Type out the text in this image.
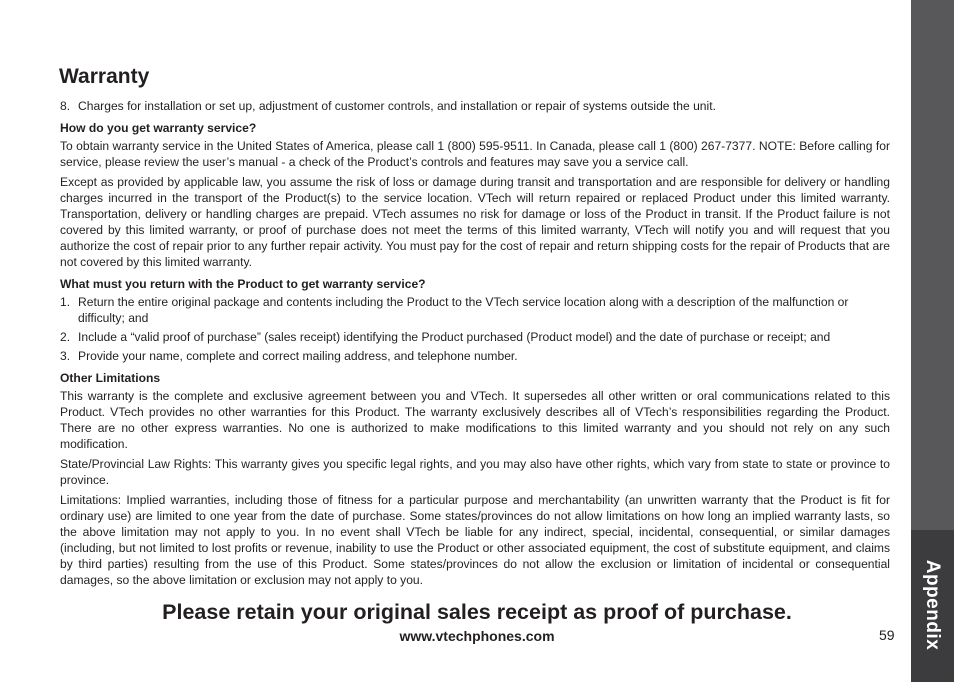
Appendix
Warranty
8. Charges for installation or set up, adjustment of customer controls, and installation or repair of systems outside the unit.

How do you get warranty service?

To obtain warranty service in the United States of America, please call 1 (800) 595-9511. In Canada, please call 1 (800) 267-7377. NOTE: Before calling for service, please review the user’s manual - a check of the Product’s controls and features may save you a service call.

Except as provided by applicable law, you assume the risk of loss or damage during transit and transportation and are responsible for delivery or handling charges incurred in the transport of the Product(s) to the service location. VTech will return repaired or replaced Product under this limited warranty. Transportation, delivery or handling charges are prepaid. VTech assumes no risk for damage or loss of the Product in transit. If the Product failure is not covered by this limited warranty, or proof of purchase does not meet the terms of this limited warranty, VTech will notify you and will request that you authorize the cost of repair prior to any further repair activity. You must pay for the cost of repair and return shipping costs for the repair of Products that are not covered by this limited warranty.

What must you return with the Product to get warranty service?

1. Return the entire original package and contents including the Product to the VTech service location along with a description of the malfunction or difficulty; and
2. Include a “valid proof of purchase” (sales receipt) identifying the Product purchased (Product model) and the date of purchase or receipt; and
3. Provide your name, complete and correct mailing address, and telephone number.

Other Limitations

This warranty is the complete and exclusive agreement between you and VTech. It supersedes all other written or oral communications related to this Product. VTech provides no other warranties for this Product. The warranty exclusively describes all of VTech’s responsibilities regarding the Product. There are no other express warranties. No one is authorized to make modifications to this limited warranty and you should not rely on any such modification.

State/Provincial Law Rights: This warranty gives you specific legal rights, and you may also have other rights, which vary from state to state or province to province.

Limitations: Implied warranties, including those of fitness for a particular purpose and merchantability (an unwritten warranty that the Product is fit for ordinary use) are limited to one year from the date of purchase. Some states/provinces do not allow limitations on how long an implied warranty lasts, so the above limitation may not apply to you. In no event shall VTech be liable for any indirect, special, incidental, consequential, or similar damages (including, but not limited to lost profits or revenue, inability to use the Product or other associated equipment, the cost of substitute equipment, and claims by third parties) resulting from the use of this Product. Some states/provinces do not allow the exclusion or limitation of incidental or consequential damages, so the above limitation or exclusion may not apply to you.

Please retain your original sales receipt as proof of purchase.
www.vtechphones.com	59
